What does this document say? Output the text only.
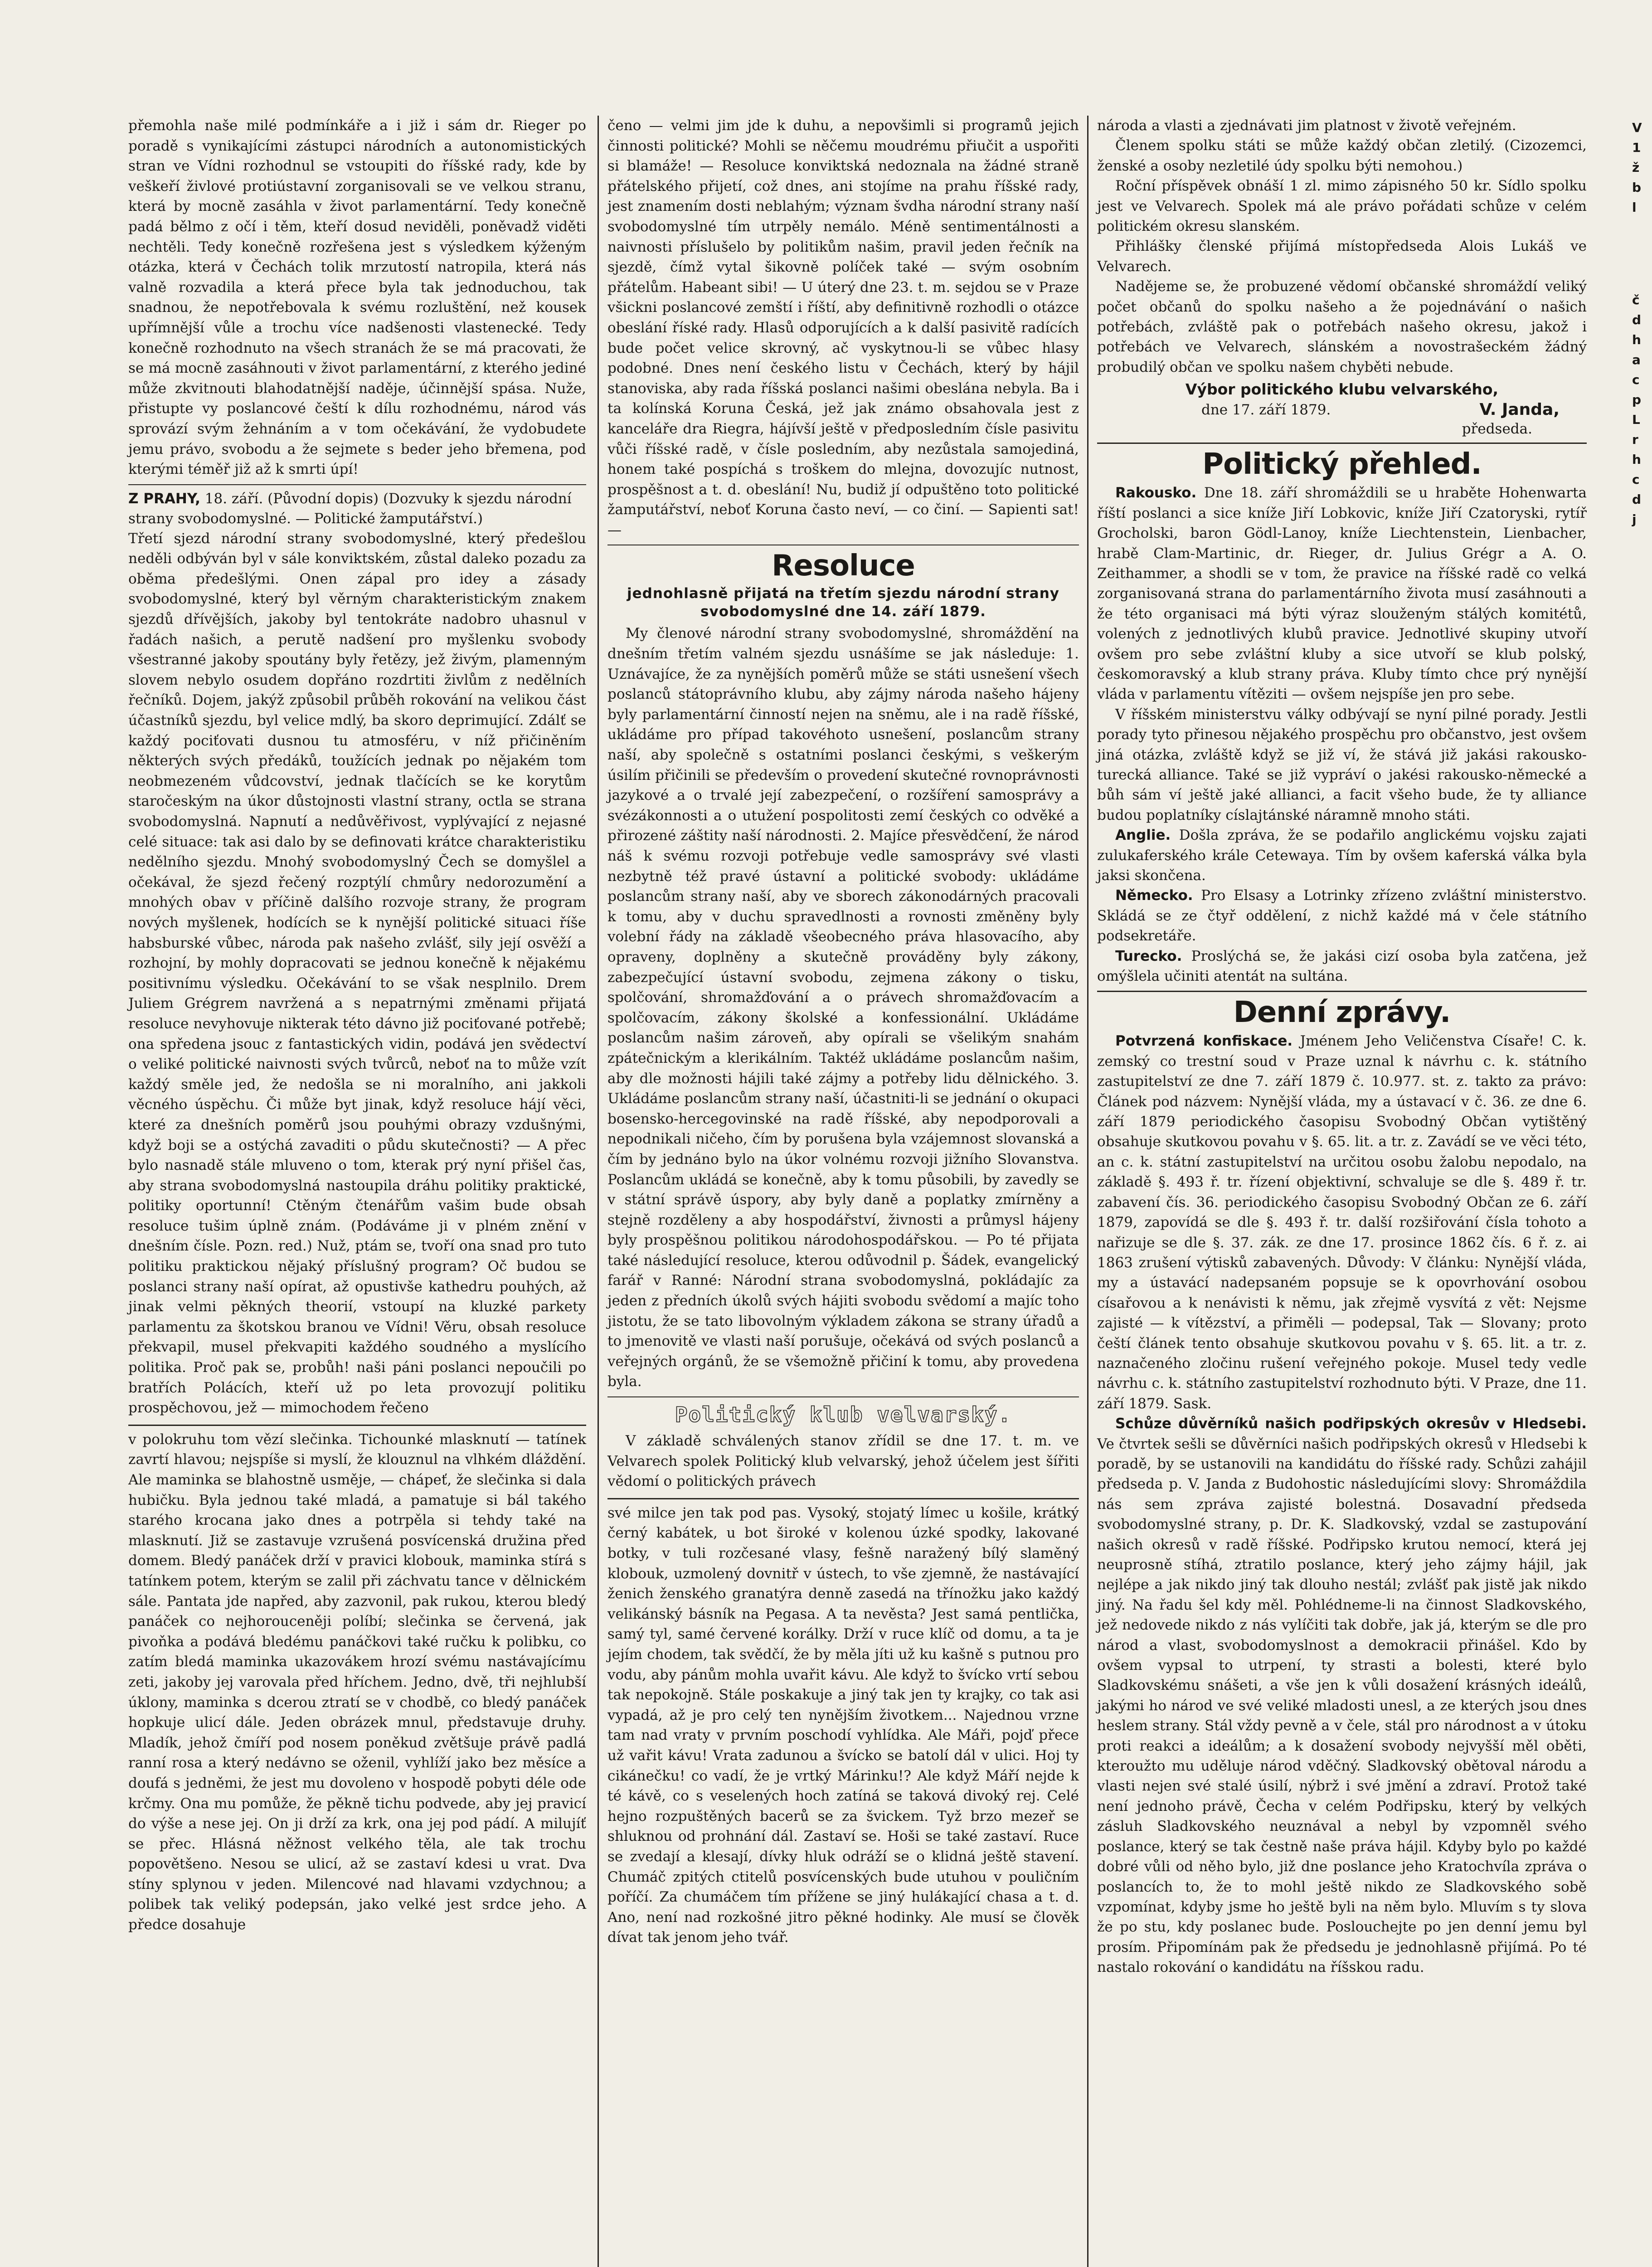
přemohla naše milé podmínkáře a i již i sám dr. Rieger po poradě s vynikajícími zástupci národních a autonomistických stran ve Vídni rozhodnul se vstoupiti do říšské rady, kde by veškeří živlové protiústavní zorganisovali se ve velkou stranu, která by mocně zasáhla v život parlamentární. Tedy konečně padá bělmo z očí i těm, kteří dosud neviděli, poněvadž viděti nechtěli. Tedy konečně rozřešena jest s výsledkem kýženým otázka, která v Čechách tolik mrzutostí natropila, která nás valně rozvadila a která přece byla tak jednoduchou, tak snadnou, že nepotřebovala k svému rozluštění, než kousek upřímnější vůle a trochu více nadšenosti vlastenecké. Tedy konečně rozhodnuto na všech stranách že se má pracovati, že se má mocně zasáhnouti v život parlamentární, z kterého jediné může zkvitnouti blahodatnější naděje, účinnější spása. Nuže, přistupte vy poslancové čeští k dílu rozhodnému, národ vás sprovází svým žehnáním a v tom očekávání, že vydobudete jemu právo, svobodu a že sejmete s beder jeho břemena, pod kterými téměř již až k smrti úpí!

Z PRAHY, 18. září. (Původní dopis) (Dozvuky k sjezdu národní strany svobodomyslné. — Politické žamputářství.)

Třetí sjezd národní strany svobodomyslné, který předešlou neděli odbýván byl v sále konviktském, zůstal daleko pozadu za oběma předešlými. Onen zápal pro idey a zásady svobodomyslné, který byl věrným charakteristickým znakem sjezdů dřívějších, jakoby byl tentokráte nadobro uhasnul v řadách našich, a perutě nadšení pro myšlenku svobody všestranné jakoby spoutány byly řetězy, jež živým, plamenným slovem nebylo osudem dopřáno rozdrtiti živlům z nedělních řečníků. Dojem, jakýž způsobil průběh rokování na velikou část účastníků sjezdu, byl velice mdlý, ba skoro deprimující. Zdálť se každý pociťovati dusnou tu atmosféru, v níž přičiněním některých svých předáků, toužících jednak po nějakém tom neobmezeném vůdcovství, jednak tlačících se ke korytům staročeským na úkor důstojnosti vlastní strany, octla se strana svobodomyslná. Napnutí a nedůvěřivost, vyplývající z nejasné celé situace: tak asi dalo by se definovati krátce charakteristiku nedělního sjezdu. Mnohý svobodomyslný Čech se domyšlel a očekával, že sjezd řečený rozptýlí chmůry nedorozumění a mnohých obav v příčině dalšího rozvoje strany, že program nových myšlenek, hodících se k nynější politické situaci říše habsburské vůbec, národa pak našeho zvlášť, sily její osvěží a rozhojní, by mohly dopracovati se jednou konečně k nějakému positivnímu výsledku. Očekávání to se však nesplnilo. Drem Juliem Grégrem navržená a s nepatrnými změnami přijatá resoluce nevyhovuje nikterak této dávno již pociťované potřebě; ona spředena jsouc z fantastických vidin, podává jen svědectví o veliké politické naivnosti svých tvůrců, neboť na to může vzít každý směle jed, že nedošla se ni moralního, ani jakkoli věcného úspěchu. Či může byt jinak, když resoluce hájí věci, které za dnešních poměrů jsou pouhými obrazy vzdušnými, když boji se a ostýchá zavaditi o půdu skutečnosti? — A přec bylo nasnadě stále mluveno o tom, kterak prý nyní přišel čas, aby strana svobodomyslná nastoupila dráhu politiky praktické, politiky oportunní! Ctěným čtenářům vašim bude obsah resoluce tušim úplně znám. (Podáváme ji v plném znění v dnešním čísle. Pozn. red.) Nuž, ptám se, tvoří ona snad pro tuto politiku praktickou nějaký příslušný program? Oč budou se poslanci strany naší opírat, až opustivše kathedru pouhých, až jinak velmi pěkných theorií, vstoupí na kluzké parkety parlamentu za škotskou branou ve Vídni! Věru, obsah resoluce překvapil, musel překvapiti každého soudného a myslícího politika. Proč pak se, probůh! naši páni poslanci nepoučili po bratřích Polácích, kteří už po leta provozují politiku prospěchovou, jež — mimochodem řečeno

v polokruhu tom vězí slečinka. Tichounké mlasknutí — tatínek zavrtí hlavou; nejspíše si myslí, že klouznul na vlhkém dláždění. Ale maminka se blahostně usměje, — chápeť, že slečinka si dala hubičku. Byla jednou také mladá, a pamatuje si bál takého starého krocana jako dnes a potrpěla si tehdy také na mlasknutí. Již se zastavuje vzrušená posvícenská družina před domem. Bledý panáček drží v pravici klobouk, maminka stírá s tatínkem potem, kterým se zalil při záchvatu tance v dělnickém sále. Pantata jde napřed, aby zazvonil, pak rukou, kterou bledý panáček co nejhorouceněji políbí; slečinka se červená, jak pivoňka a podává bledému panáčkovi také ručku k polibku, co zatím bledá maminka ukazovákem hrozí svému nastávajícímu zeti, jakoby jej varovala před hříchem. Jedno, dvě, tři nejhlubší úklony, maminka s dcerou ztratí se v chodbě, co bledý panáček hopkuje ulicí dále. Jeden obrázek mnul, představuje druhy. Mladík, jehož čmíří pod nosem poněkud zvětšuje právě padlá ranní rosa a který nedávno se oženil, vyhlíží jako bez měsíce a doufá s jedněmi, že jest mu dovoleno v hospodě pobyti déle ode krčmy. Ona mu pomůže, že pěkně tichu podvede, aby jej pravicí do výše a nese jej. On ji drží za krk, ona jej pod pádí. A milujíť se přec. Hlásná něžnost velkého těla, ale tak trochu popovětšeno. Nesou se ulicí, až se zastaví kdesi u vrat. Dva stíny splynou v jeden. Milencové nad hlavami vzdychnou; a polibek tak veliký podepsán, jako velké jest srdce jeho. A předce dosahuje

čeno — velmi jim jde k duhu, a nepovšimli si programů jejich činnosti politické? Mohli se něčemu moudrému přiučit a uspořiti si blamáže! — Resoluce konviktská nedoznala na žádné straně přátelského přijetí, což dnes, ani stojíme na prahu říšské rady, jest znamením dosti neblahým; význam švdha národní strany naší svobodomyslné tím utrpěly nemálo. Méně sentimentálnosti a naivnosti příslušelo by politikům našim, pravil jeden řečník na sjezdě, čímž vytal šikovně políček také — svým osobním přátelům. Habeant sibi! — U úterý dne 23. t. m. sejdou se v Praze všickni poslancové zemští i říští, aby definitivně rozhodli o otázce obeslání říské rady. Hlasů odporujících a k další pasivitě radících bude počet velice skrovný, ač vyskytnou-li se vůbec hlasy podobné. Dnes není českého listu v Čechách, který by hájil stanoviska, aby rada říšská poslanci našimi obeslána nebyla. Ba i ta kolínská Koruna Česká, jež jak známo obsahovala jest z kanceláře dra Riegra, hájívší ještě v předposledním čísle pasivitu vůči říšské radě, v čísle posledním, aby nezůstala samojediná, honem také pospíchá s troškem do mlejna, dovozujíc nutnost, prospěšnost a t. d. obeslání! Nu, budiž jí odpuštěno toto politické žamputářství, neboť Koruna často neví, — co činí. — Sapienti sat! —

Resoluce

jednohlasně přijatá na třetím sjezdu národní strany svobodomyslné dne 14. září 1879.

My členové národní strany svobodomyslné, shromáždění na dnešním třetím valném sjezdu usnášíme se jak následuje: 1. Uznávajíce, že za nynějších poměrů může se státi usnešení všech poslanců státoprávního klubu, aby zájmy národa našeho hájeny byly parlamentární činností nejen na sněmu, ale i na radě říšské, ukládáme pro případ takovéhoto usnešení, poslancům strany naší, aby společně s ostatními poslanci českými, s veškerým úsilím přičinili se především o provedení skutečné rovnoprávnosti jazykové a o trvalé její zabezpečení, o rozšíření samosprávy a svézákonnosti a o utužení pospolitosti zemí českých co odvěké a přirozené záštity naší národnosti. 2. Majíce přesvědčení, že národ náš k svému rozvoji potřebuje vedle samosprávy své vlasti nezbytně též pravé ústavní a politické svobody: ukládáme poslancům strany naší, aby ve sborech zákonodárných pracovali k tomu, aby v duchu spravedlnosti a rovnosti změněny byly volební řády na základě všeobecného práva hlasovacího, aby opraveny, doplněny a skutečně prováděny byly zákony, zabezpečující ústavní svobodu, zejmena zákony o tisku, spolčování, shromažďování a o právech shromažďovacím a spolčovacím, zákony školské a konfessionální. Ukládáme poslancům našim zároveň, aby opírali se všelikým snahám zpátečnickým a klerikálním. Taktéž ukládáme poslancům našim, aby dle možnosti hájili také zájmy a potřeby lidu dělnického. 3. Ukládáme poslancům strany naší, účastniti-li se jednání o okupaci bosensko-hercegovinské na radě říšské, aby nepodporovali a nepodnikali ničeho, čím by porušena byla vzájemnost slovanská a čím by jednáno bylo na úkor volnému rozvoji jižního Slovanstva. Poslancům ukládá se konečně, aby k tomu působili, by zavedly se v státní správě úspory, aby byly daně a poplatky zmírněny a stejně rozděleny a aby hospodářství, živnosti a průmysl hájeny byly prospěšnou politikou národohospodářskou. — Po té přijata také následující resoluce, kterou odůvodnil p. Šádek, evangelický farář v Ranné: Národní strana svobodomyslná, pokládajíc za jeden z předních úkolů svých hájiti svobodu svědomí a majíc toho jistotu, že se tato libovolným výkladem zákona se strany úřadů a to jmenovitě ve vlasti naší porušuje, očekává od svých poslanců a veřejných orgánů, že se všemožně přičiní k tomu, aby provedena byla.

Politický klub velvarský.

V základě schválených stanov zřídil se dne 17. t. m. ve Velvarech spolek Politický klub velvarský, jehož účelem jest šířiti vědomí o politických právech

své milce jen tak pod pas. Vysoký, stojatý límec u košile, krátký černý kabátek, u bot široké v kolenou úzké spodky, lakované botky, v tuli rozčesané vlasy, fešně naražený bílý slaměný klobouk, uzmolený dovnitř v ústech, to vše zjemně, že nastávající ženich ženského granatýra denně zasedá na třínožku jako každý velikánský básník na Pegasa. A ta nevěsta? Jest samá pentlička, samý tyl, samé červené korálky. Drží v ruce klíč od domu, a ta je jejím chodem, tak svědčí, že by měla jíti už ku kašně s putnou pro vodu, aby pánům mohla uvařit kávu. Ale když to švícko vrtí sebou tak nepokojně. Stále poskakuje a jiný tak jen ty krajky, co tak asi vypadá, až je pro celý ten nynějším životkem... Najednou vrzne tam nad vraty v prvním poschodí vyhlídka. Ale Máři, pojď přece už vařit kávu! Vrata zadunou a švícko se batolí dál v ulici. Hoj ty cikánečku! co vadí, že je vrtký Márinku!? Ale když Máří nejde k té kávě, co s veselených hoch zatíná se taková divoký rej. Celé hejno rozpuštěných bacerů se za švickem. Tyž brzo mezeř se shluknou od prohnání dál. Zastaví se. Hoši se také zastaví. Ruce se zvedají a klesají, dívky hluk odráží se o klidná ještě stavení. Chumáč zpitých ctitelů posvícenských bude utuhou v pouličním poříčí. Za chumáčem tím přížene se jiný hulákající chasa a t. d. Ano, není nad rozkošné jitro pěkné hodinky. Ale musí se člověk dívat tak jenom jeho tvář.

národa a vlasti a zjednávati jim platnost v životě veřejném.

Členem spolku státi se může každý občan zletilý. (Cizozemci, ženské a osoby nezletilé údy spolku býti nemohou.)

Roční příspěvek obnáší 1 zl. mimo zápisného 50 kr. Sídlo spolku jest ve Velvarech. Spolek má ale právo pořádati schůze v celém politickém okresu slanském.

Přihlášky členské přijímá místopředseda Alois Lukáš ve Velvarech.

Nadějeme se, že probuzené vědomí občanské shromáždí veliký počet občanů do spolku našeho a že pojednávání o našich potřebách, zvláště pak o potřebách našeho okresu, jakož i potřebách ve Velvarech, slánském a novostrašeckém žádný probudilý občan ve spolku našem chyběti nebude.

Výbor politického klubu velvarského,

dne 17. září 1879.	V. Janda,

předseda.

Politický přehled.

Rakousko. Dne 18. září shromáždili se u hraběte Hohenwarta říští poslanci a sice kníže Jiří Lobkovic, kníže Jiří Czatoryski, rytíř Grocholski, baron Gödl-Lanoy, kníže Liechtenstein, Lienbacher, hrabě Clam-Martinic, dr. Rieger, dr. Julius Grégr a A. O. Zeithammer, a shodli se v tom, že pravice na říšské radě co velká zorganisovaná strana do parlamentárního života musí zasáhnouti a že této organisaci má býti výraz slouženým stálých komitétů, volených z jednotlivých klubů pravice. Jednotlivé skupiny utvoří ovšem pro sebe zvláštní kluby a sice utvoří se klub polský, českomoravský a klub strany práva. Kluby tímto chce prý nynější vláda v parlamentu vítěziti — ovšem nejspíše jen pro sebe.

V říšském ministerstvu války odbývají se nyní pilné porady. Jestli porady tyto přinesou nějakého prospěchu pro občanstvo, jest ovšem jiná otázka, zvláště když se již ví, že stává již jakási rakousko-turecká alliance. Také se již vypráví o jakési rakousko-německé a bůh sám ví ještě jaké allianci, a facit všeho bude, že ty alliance budou poplatníky císlajtánské náramně mnoho státi.

Anglie. Došla zpráva, že se podařilo anglickému vojsku zajati zulukaferského krále Cetewaya. Tím by ovšem kaferská válka byla jaksi skončena.

Německo. Pro Elsasy a Lotrinky zřízeno zvláštní ministerstvo. Skládá se ze čtyř oddělení, z nichž každé má v čele státního podsekretáře.

Turecko. Proslýchá se, že jakási cizí osoba byla zatčena, jež omýšlela učiniti atentát na sultána.

Denní zprávy.

Potvrzená konfiskace. Jménem Jeho Veličenstva Císaře! C. k. zemský co trestní soud v Praze uznal k návrhu c. k. státního zastupitelství ze dne 7. září 1879 č. 10.977. st. z. takto za právo: Článek pod názvem: Nynější vláda, my a ústavací v č. 36. ze dne 6. září 1879 periodického časopisu Svobodný Občan vytištěný obsahuje skutkovou povahu v §. 65. lit. a tr. z. Zavádí se ve věci této, an c. k. státní zastupitelství na určitou osobu žalobu nepodalo, na základě §. 493 ř. tr. řízení objektivní, schvaluje se dle §. 489 ř. tr. zabavení čís. 36. periodického časopisu Svobodný Občan ze 6. září 1879, zapovídá se dle §. 493 ř. tr. další rozšiřování čísla tohoto a nařizuje se dle §. 37. zák. ze dne 17. prosince 1862 čís. 6 ř. z. ai 1863 zrušení výtisků zabavených. Důvody: V článku: Nynější vláda, my a ústavácí nadepsaném popsuje se k opovrhování osobou císařovou a k nenávisti k němu, jak zřejmě vysvítá z vět: Nejsme zajisté — k vítězství, a přiměli — podepsal, Tak — Slovany; proto čeští článek tento obsahuje skutkovou povahu v §. 65. lit. a tr. z. naznačeného zločinu rušení veřejného pokoje. Musel tedy vedle návrhu c. k. státního zastupitelství rozhodnuto býti. V Praze, dne 11. září 1879. Sask.

Schůze důvěrníků našich podřipských okresův v Hledsebi. Ve čtvrtek sešli se důvěrníci našich podřipských okresů v Hledsebi k poradě, by se ustanovili na kandidátu do říšské rady. Schůzi zahájil předseda p. V. Janda z Budohostic následujícími slovy: Shromáždila nás sem zpráva zajisté bolestná. Dosavadní předseda svobodomyslné strany, p. Dr. K. Sladkovský, vzdal se zastupování našich okresů v radě říšské. Podřipsko krutou nemocí, která jej neuprosně stíhá, ztratilo poslance, který jeho zájmy hájil, jak nejlépe a jak nikdo jiný tak dlouho nestál; zvlášť pak jistě jak nikdo jiný. Na řadu šel kdy měl. Pohlédneme-li na činnost Sladkovského, jež nedovede nikdo z nás vylíčiti tak dobře, jak já, kterým se dle pro národ a vlast, svobodomyslnost a demokracii přinášel. Kdo by ovšem vypsal to utrpení, ty strasti a bolesti, které bylo Sladkovskému snášeti, a vše jen k vůli dosažení krásných ideálů, jakými ho národ ve své veliké mladosti unesl, a ze kterých jsou dnes heslem strany. Stál vždy pevně a v čele, stál pro národnost a v útoku proti reakci a ideálům; a k dosažení svobody nejvyšší měl oběti, kteroužto mu uděluje národ vděčný. Sladkovský obětoval národu a vlasti nejen své stalé úsilí, nýbrž i své jmění a zdraví. Protož také není jednoho právě, Čecha v celém Podřipsku, který by velkých zásluh Sladkovského neuznával a nebyl by vzpomněl svého poslance, který se tak čestně naše práva hájil. Kdyby bylo po každé dobré vůli od něho bylo, již dne poslance jeho Kratochvíla zpráva o poslancích to, že to mohl ještě nikdo ze Sladkovského sobě vzpomínat, kdyby jsme ho ještě byli na něm bylo. Mluvím s ty slova že po stu, kdy poslanec bude. Poslouchejte po jen denní jemu byl prosím. Připomínám pak že předsedu je jednohlasně přijímá. Po té nastalo rokování o kandidátu na říšskou radu.

V
1
ž
b
l
č
d
h
a
c
p
L
r
h
c
d
j
